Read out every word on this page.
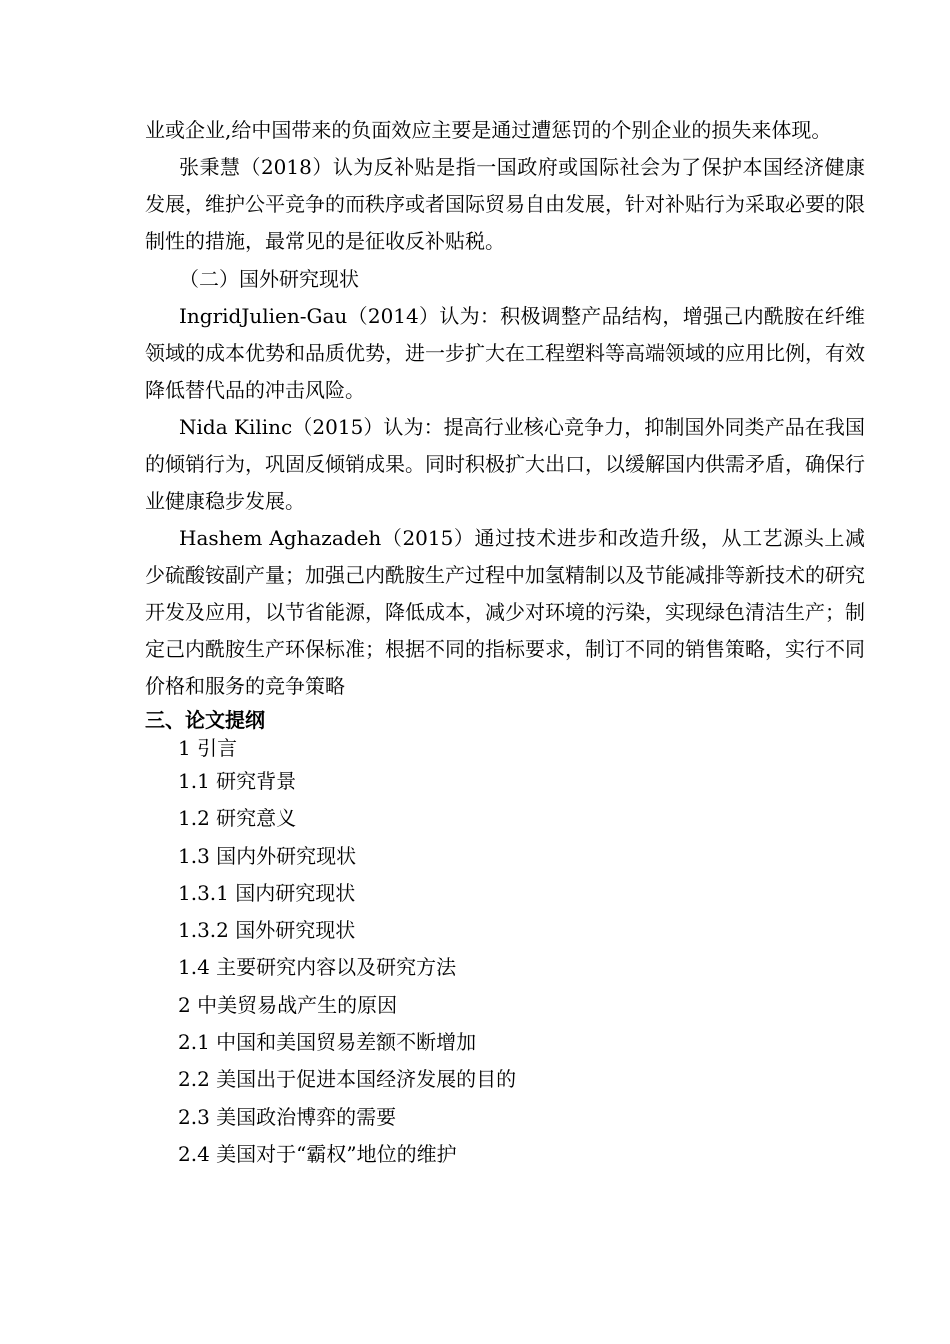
业或企业,给中国带来的负面效应主要是通过遭惩罚的个别企业的损失来体现。

张秉慧（2018）认为反补贴是指一国政府或国际社会为了保护本国经济健康发展，维护公平竞争的而秩序或者国际贸易自由发展，针对补贴行为采取必要的限制性的措施，最常见的是征收反补贴税。

（二）国外研究现状

IngridJulien-Gau（2014）认为：积极调整产品结构，增强己内酰胺在纤维领域的成本优势和品质优势，进一步扩大在工程塑料等高端领域的应用比例，有效降低替代品的冲击风险。

Nida Kilinc（2015）认为：提高行业核心竞争力，抑制国外同类产品在我国的倾销行为，巩固反倾销成果。同时积极扩大出口，以缓解国内供需矛盾，确保行业健康稳步发展。

Hashem Aghazadeh（2015）通过技术进步和改造升级，从工艺源头上减少硫酸铵副产量；加强己内酰胺生产过程中加氢精制以及节能减排等新技术的研究开发及应用，以节省能源，降低成本，减少对环境的污染，实现绿色清洁生产；制定己内酰胺生产环保标准；根据不同的指标要求，制订不同的销售策略，实行不同价格和服务的竞争策略

三、论文提纲

1 引言
1.1 研究背景
1.2 研究意义
1.3 国内外研究现状
1.3.1 国内研究现状
1.3.2 国外研究现状
1.4 主要研究内容以及研究方法
2 中美贸易战产生的原因
2.1 中国和美国贸易差额不断增加
2.2 美国出于促进本国经济发展的目的
2.3 美国政治博弈的需要
2.4 美国对于“霸权”地位的维护
